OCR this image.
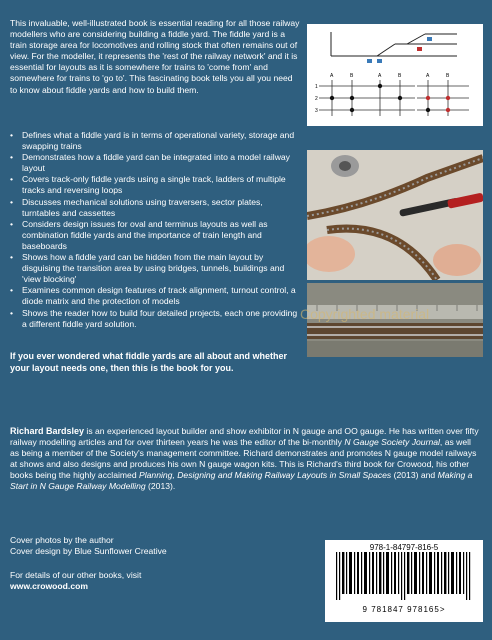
This invaluable, well-illustrated book is essential reading for all those railway modellers who are considering building a fiddle yard. The fiddle yard is a train storage area for locomotives and rolling stock that often remains out of view. For the modeller, it represents the 'rest of the railway network' and it is essential for layouts as it is somewhere for trains to 'come from' and somewhere for trains to 'go to'. This fascinating book tells you all you need to know about fiddle yards and how to build them.
• Defines what a fiddle yard is in terms of operational variety, storage and swapping trains
• Demonstrates how a fiddle yard can be integrated into a model railway layout
• Covers track-only fiddle yards using a single track, ladders of multiple tracks and reversing loops
• Discusses mechanical solutions using traversers, sector plates, turntables and cassettes
• Considers design issues for oval and terminus layouts as well as combination fiddle yards and the importance of train length and baseboards
• Shows how a fiddle yard can be hidden from the main layout by disguising the transition area by using bridges, tunnels, buildings and 'view blocking'
• Examines common design features of track alignment, turnout control, a diode matrix and the protection of models
• Shows the reader how to build four detailed projects, each one providing a different fiddle yard solution.
If you ever wondered what fiddle yards are all about and whether your layout needs one, then this is the book for you.
Richard Bardsley is an experienced layout builder and show exhibitor in N gauge and OO gauge. He has written over fifty railway modelling articles and for over thirteen years he was the editor of the bi-monthly N Gauge Society Journal, as well as being a member of the Society's management committee. Richard demonstrates and promotes N gauge model railways at shows and also designs and produces his own N gauge wagon kits. This is Richard's third book for Crowood, his other books being the highly acclaimed Planning, Designing and Making Railway Layouts in Small Spaces (2013) and Making a Start in N Gauge Railway Modelling (2013).
Cover photos by the author
Cover design by Blue Sunflower Creative
For details of our other books, visit
www.crowood.com
A	B
1
2
3
A	B	A	B
Copyrighted material
978-1-84797-816-5
9 781847 978165>
